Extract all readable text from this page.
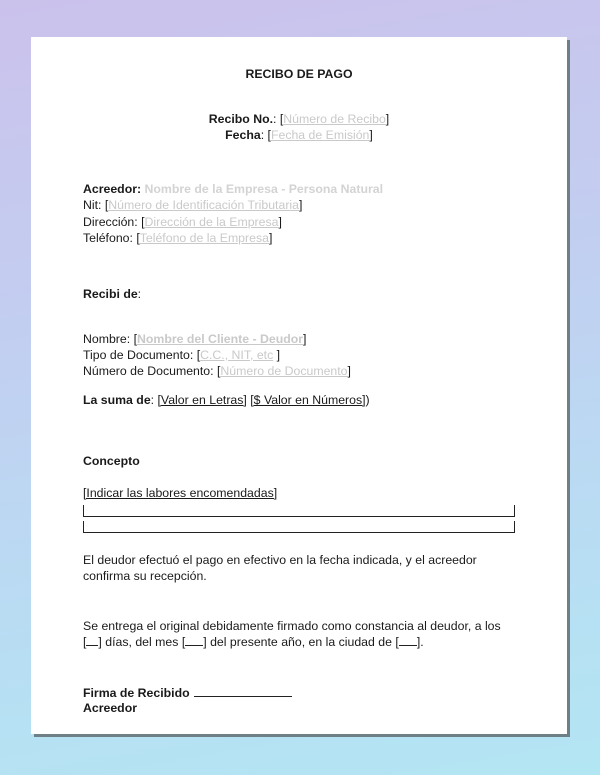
RECIBO DE PAGO
Recibo No.: [Número de Recibo]
Fecha: [Fecha de Emisión]
Acreedor: Nombre de la Empresa - Persona Natural
Nit: [Número de Identificación Tributaria]
Dirección: [Dirección de la Empresa]
Teléfono: [Teléfono de la Empresa]
Recibi de:
Nombre: [Nombre del Cliente - Deudor]
Tipo de Documento: [C.C., NIT, etc ]
Número de Documento: [Número de Documento]
La suma de: [Valor en Letras] [$ Valor en Números])
Concepto
[Indicar las labores encomendadas]
El deudor efectuó el pago en efectivo en la fecha indicada, y el acreedor
confirma su recepción.
Se entrega el original debidamente firmado como constancia al deudor, a los
[ ] días, del mes [ ] del presente año, en la ciudad de [ ].
Firma de Recibido
Acreedor
